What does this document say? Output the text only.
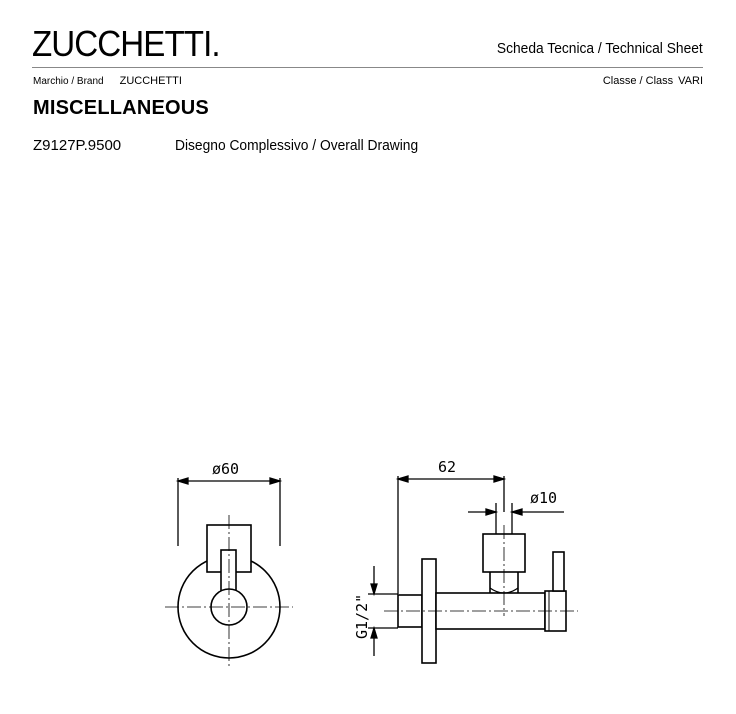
ZUCCHETTI.	Scheda Tecnica / Technical Sheet
Marchio / Brand ZUCCHETTI	Classe / Class VARI
MISCELLANEOUS
Z9127P.9500	Disegno Complessivo / Overall Drawing
ø60	62
ø10
G1/2"
